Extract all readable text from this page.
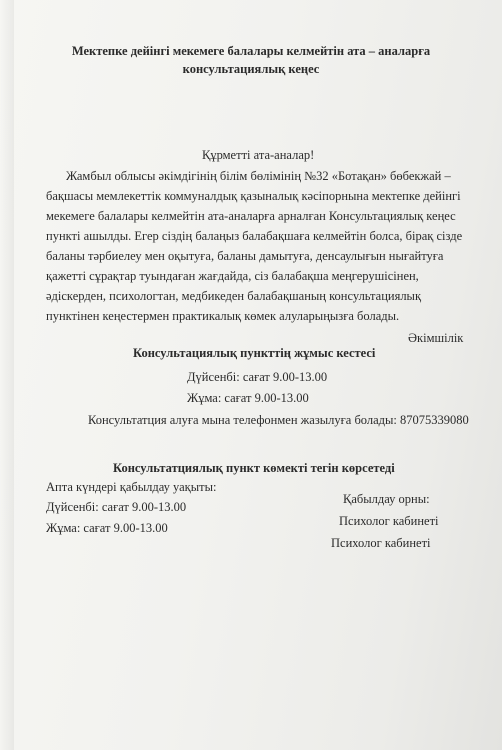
Мектепке дейінгі мекемеге балалары келмейтін ата – аналарға
консультациялық кеңес
Құрметті ата-аналар!
Жамбыл облысы әкімдігінің білім бөлімінің №32 «Ботақан» бөбекжай –
бақшасы мемлекеттік коммуналдық қазыналық кәсіпорнына мектепке дейінгі
мекемеге балалары келмейтін ата-аналарға арналған Консультациялық кеңес
пункті ашылды. Егер сіздің балаңыз балабақшаға келмейтін болса, бірақ сізде
баланы тәрбиелеу мен оқытуға, баланы дамытуға, денсаулығын нығайтуға
қажетті сұрақтар туындаған жағдайда, сіз балабақша меңгерушісінен,
әдіскерден, психологтан, медбикеден балабақшаның консультациялық
пунктінен кеңестермен практикалық көмек алуларыңызға болады.
Әкімшілік
Консультациялық пункттің жұмыс кестесі
Дүйсенбі: сағат 9.00-13.00
Жұма: сағат 9.00-13.00
Консультатция алуға мына телефонмен жазылуға болады: 87075339080
Консультатциялық пункт көмекті тегін көрсетеді
Апта күндері қабылдау уақыты:
Дүйсенбі: сағат 9.00-13.00
Жұма: сағат 9.00-13.00
Қабылдау орны:
Психолог кабинеті
Психолог кабинеті
